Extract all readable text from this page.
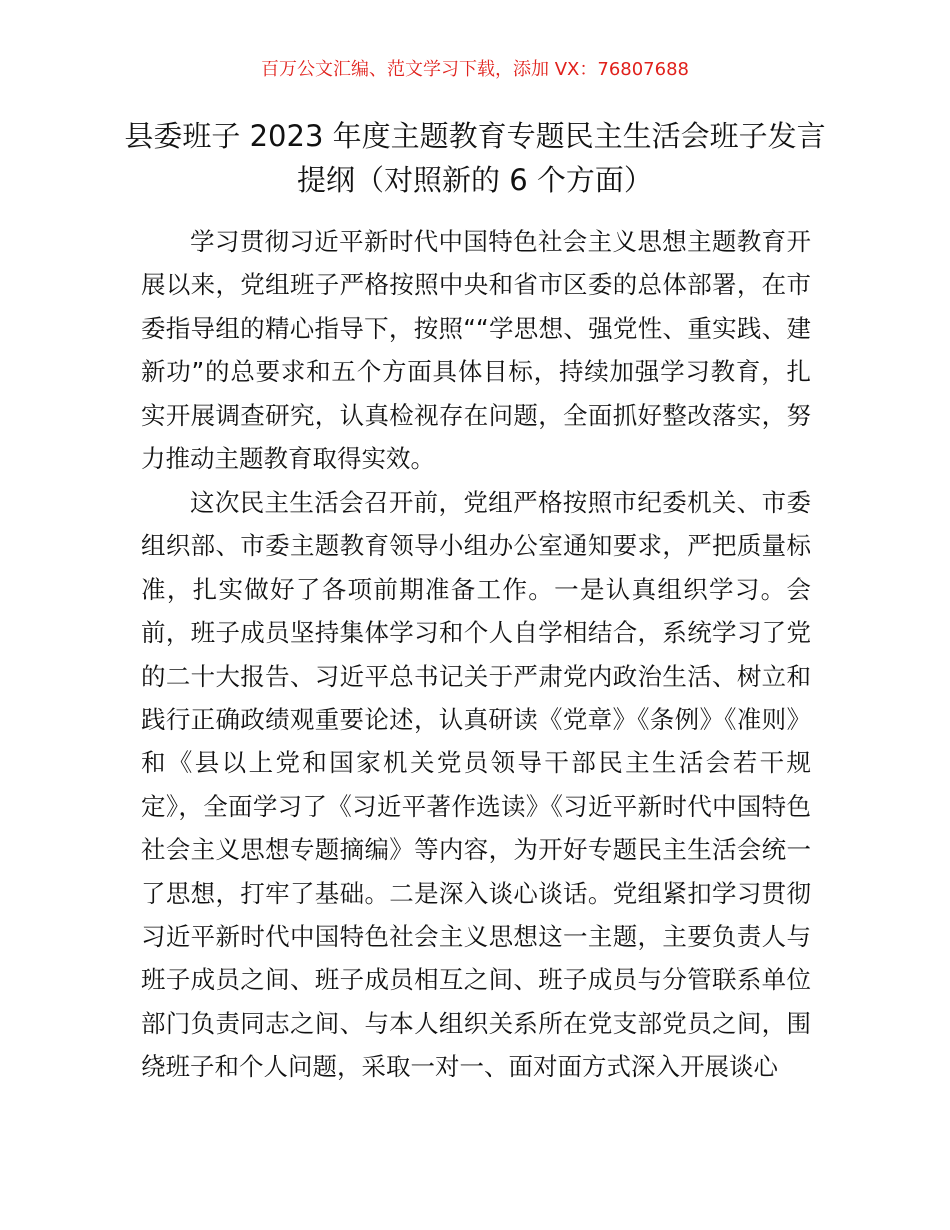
百万公文汇编、范文学习下载，添加 VX：76807688
县委班子 2023 年度主题教育专题民主生活会班子发言提纲（对照新的 6 个方面）

学习贯彻习近平新时代中国特色社会主义思想主题教育开展以来，党组班子严格按照中央和省市区委的总体部署，在市委指导组的精心指导下，按照““学思想、强党性、重实践、建新功”的总要求和五个方面具体目标，持续加强学习教育，扎实开展调查研究，认真检视存在问题，全面抓好整改落实，努力推动主题教育取得实效。

这次民主生活会召开前，党组严格按照市纪委机关、市委组织部、市委主题教育领导小组办公室通知要求，严把质量标准，扎实做好了各项前期准备工作。一是认真组织学习。会前，班子成员坚持集体学习和个人自学相结合，系统学习了党的二十大报告、习近平总书记关于严肃党内政治生活、树立和践行正确政绩观重要论述，认真研读《党章》《条例》《准则》和《县以上党和国家机关党员领导干部民主生活会若干规定》，全面学习了《习近平著作选读》《习近平新时代中国特色社会主义思想专题摘编》等内容，为开好专题民主生活会统一了思想，打牢了基础。二是深入谈心谈话。党组紧扣学习贯彻习近平新时代中国特色社会主义思想这一主题，主要负责人与班子成员之间、班子成员相互之间、班子成员与分管联系单位部门负责同志之间、与本人组织关系所在党支部党员之间，围绕班子和个人问题，采取一对一、面对面方式深入开展谈心
